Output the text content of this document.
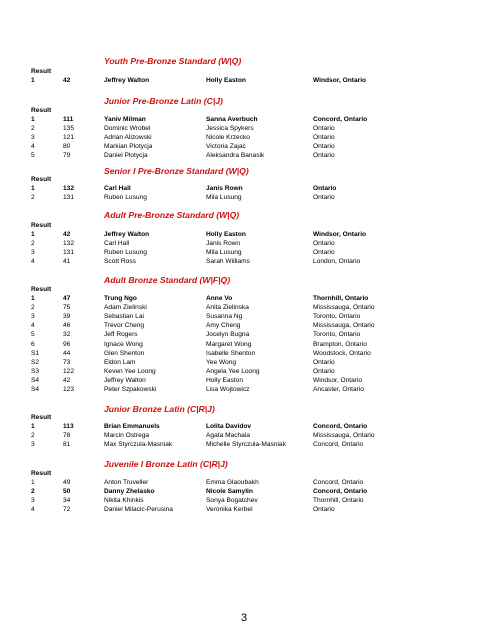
Youth Pre-Bronze Standard (W|Q)
Result
1	42	Jeffrey Walton	Holly Easton	Windsor, Ontario
Junior Pre-Bronze Latin (C|J)
Result
1	111	Yaniv Milman	Sanna Averbuch	Concord, Ontario
2	135	Dominic Wrobel	Jessica Spykers	Ontario
3	121	Adrian Alizowski	Nicole Krzecko	Ontario
4	80	Markian Plotycja	Victoria Zajac	Ontario
5	79	Daniel Plotycja	Aleksandra Banasik	Ontario
Senior I Pre-Bronze Standard (W|Q)
Result
1	132	Carl Hall	Janis Rown	Ontario
2	131	Ruben Lusung	Mila Lusung	Ontario
Adult Pre-Bronze Standard (W|Q)
Result
1	42	Jeffrey Walton	Holly Easton	Windsor, Ontario
2	132	Carl Hall	Janis Rown	Ontario
3	131	Ruben Lusung	Mila Lusung	Ontario
4	41	Scott Ross	Sarah Williams	London, Ontario
Adult Bronze Standard (W|F|Q)
Result
1	47	Trung Ngo	Anne Vo	Thornhill, Ontario
2	75	Adam Zielinski	Anita Zielinska	Mississauga, Ontario
3	39	Sebastian Lai	Susanna Ng	Toronto, Ontario
4	46	Trevor Cheng	Amy Cheng	Mississauga, Ontario
5	32	Jeff Rogers	Jocelyn Bugna	Toronto, Ontario
6	96	Ignace Wong	Margaret Wong	Brampton, Ontario
S1	44	Glen Shenton	Isabelle Shenton	Woodstock, Ontario
S2	73	Eldon Lam	Yee Wong	Ontario
S3	122	Keven Yee Loong	Angela Yee Loong	Ontario
S4	42	Jeffrey Walton	Holly Easton	Windsor, Ontario
S4	123	Peter Szpakowski	Lisa Wojtowicz	Ancaster, Ontario
Junior Bronze Latin (C|R|J)
Result
1	113	Brian Emmanuels	Lolita Davidov	Concord, Ontario
2	78	Marcin Ostrega	Agata Machala	Mississauga, Ontario
3	81	Max Styrczula-Masniak	Michelle Styrczula-Masniak	Concord, Ontario
Juvenile I Bronze Latin (C|R|J)
Result
1	49	Anton Truveller	Emma Glaoubakh	Concord, Ontario
2	50	Danny Zhelasko	Nicole Samylin	Concord, Ontario
3	34	Nikita Khinkis	Sonya Bogatchev	Thornhill, Ontario
4	72	Daniel Milacic-Perusina	Veronika Kerbel	Ontario
3
